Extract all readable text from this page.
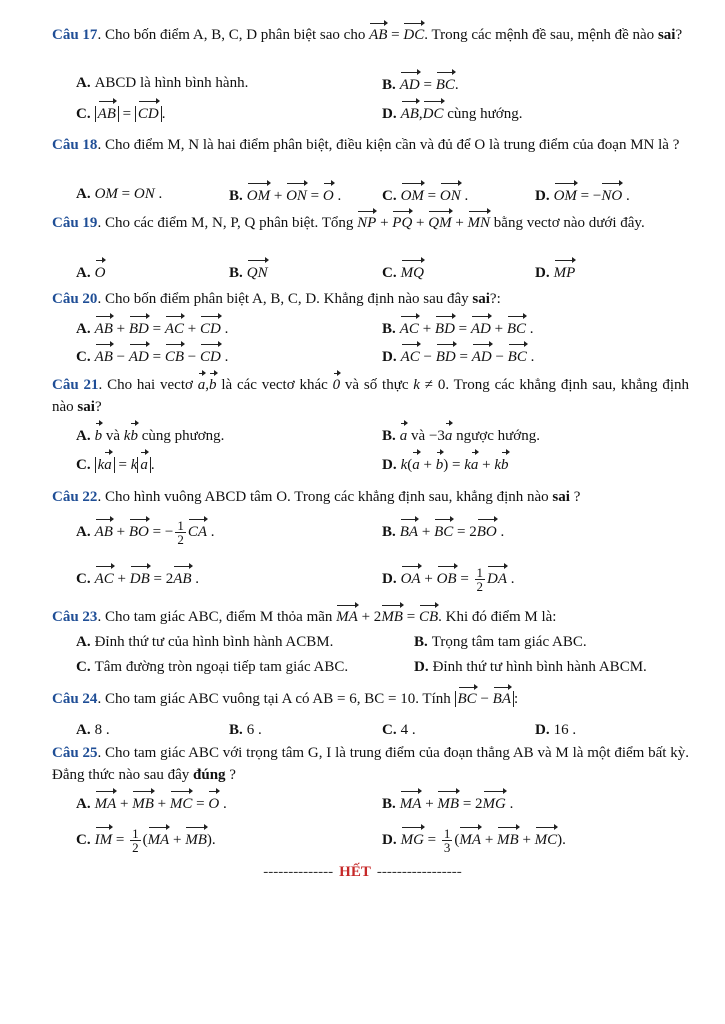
Câu 17. Cho bốn điểm A, B, C, D phân biệt sao cho AB = DC. Trong các mệnh đề sau, mệnh đề nào sai?
A. ABCD là hình bình hành.	B. AD = BC.
C. AB = CD .	D. AB,DC cùng hướng.
Câu 18. Cho điểm M, N là hai điểm phân biệt, điều kiện cần và đủ để O là trung điểm của đoạn MN là ?
A. OM = ON .	B. OM + ON = O .	C. OM = ON .	D. OM = −NO .
Câu 19. Cho các điểm M, N, P, Q phân biệt. Tổng NP + PQ + QM + MN bằng vectơ nào dưới đây.
A. O	B. QN	C. MQ	D. MP
Câu 20. Cho bốn điểm phân biệt A, B, C, D. Khẳng định nào sau đây sai?:
A. AB + BD = AC + CD .	B. AC + BD = AD + BC .
C. AB − AD = CB − CD .	D. AC − BD = AD − BC .
Câu 21. Cho hai vectơ a,b là các vectơ khác 0 và số thực k ≠ 0. Trong các khẳng định sau, khẳng định nào sai?
A. b và kb cùng phương.	B. a và −3a ngược hướng.
C. ka = k a .	D. k(a + b) = ka + kb
Câu 22. Cho hình vuông ABCD tâm O. Trong các khẳng định sau, khẳng định nào sai ?
A. AB + BO = − $\frac{1}{2}$ CA .	B. BA + BC = 2BO .
C. AC + DB = 2AB .	D. OA + OB = $\frac{1}{2}$ DA .
Câu 23. Cho tam giác ABC, điểm M thỏa mãn MA + 2MB = CB. Khi đó điểm M là:
A. Đỉnh thứ tư của hình bình hành ACBM.	B. Trọng tâm tam giác ABC.
C. Tâm đường tròn ngoại tiếp tam giác ABC.	D. Đỉnh thứ tư hình bình hành ABCM.
Câu 24. Cho tam giác ABC vuông tại A có AB = 6, BC = 10. Tính BC − BA :
A. 8 .	B. 6 .	C. 4 .	D. 16 .
Câu 25. Cho tam giác ABC với trọng tâm G, I là trung điểm của đoạn thẳng AB và M là một điểm bất kỳ. Đẳng thức nào sau đây đúng ?
A. MA + MB + MC = O .	B. MA + MB = 2MG .
C. IM = $\frac{1}{2} (MA + MB)$.	D. MG = $\frac{1}{3} (MA$ + MB + MC).
-------------- HẾT -----------------
